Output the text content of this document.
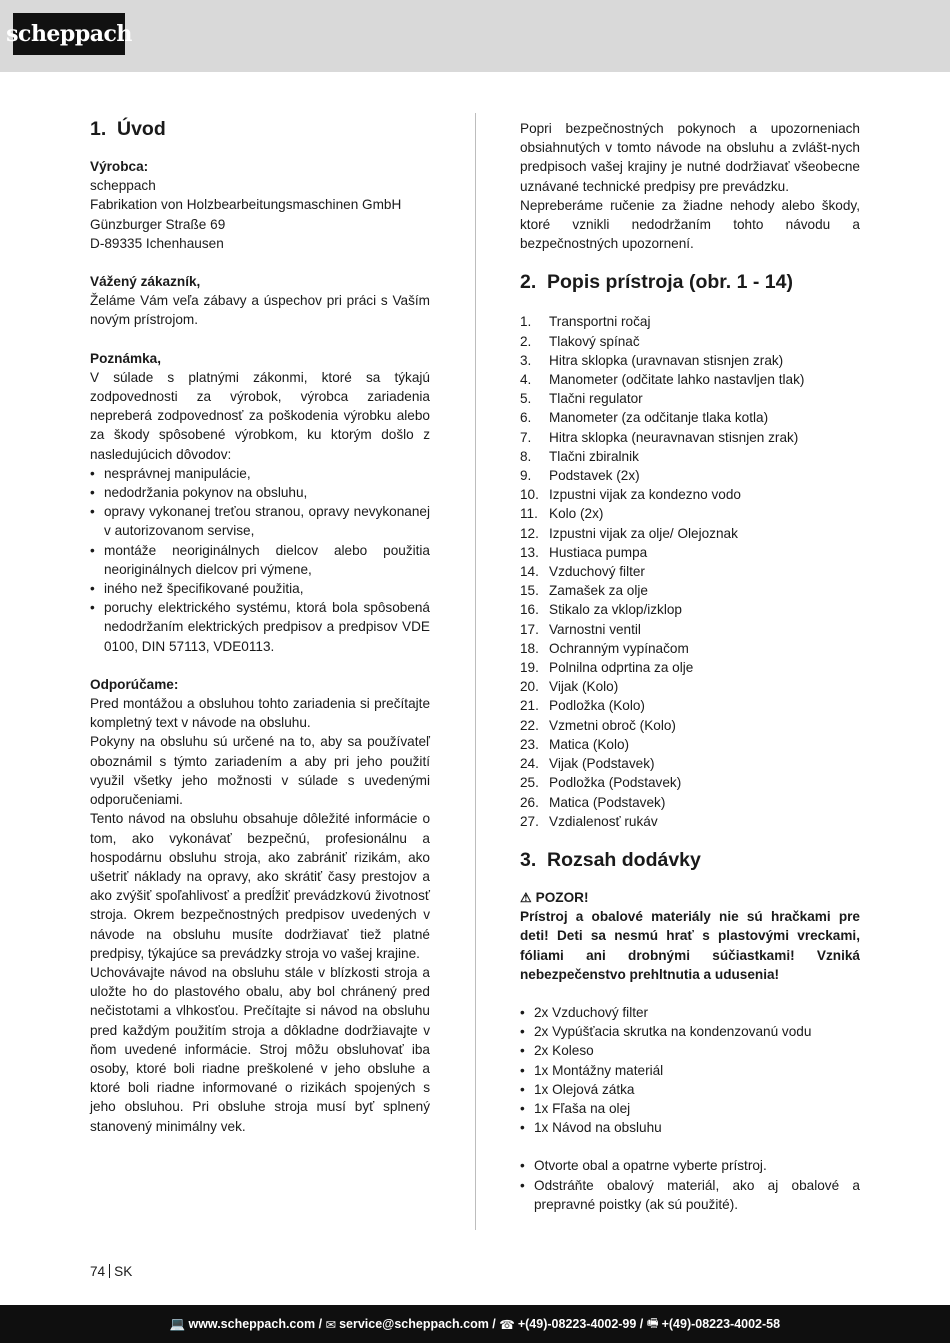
scheppach
1. Úvod

Výrobca:

scheppach

Fabrikation von Holzbearbeitungsmaschinen GmbH

Günzburger Straße 69

D-89335 Ichenhausen

Vážený zákazník,

Želáme Vám veľa zábavy a úspechov pri práci s Vaším novým prístrojom.

Poznámka,

V súlade s platnými zákonmi, ktoré sa týkajú zodpovednosti za výrobok, výrobca zariadenia nepreberá zodpovednosť za poškodenia výrobku alebo za škody spôsobené výrobkom, ku ktorým došlo z nasledujúcich dôvodov:

• nesprávnej manipulácie,
• nedodržania pokynov na obsluhu,
• opravy vykonanej treťou stranou, opravy nevykonanej v autorizovanom servise,
• montáže neoriginálnych dielcov alebo použitia neoriginálnych dielcov pri výmene,
• iného než špecifikované použitia,
• poruchy elektrického systému, ktorá bola spôsobená nedodržaním elektrických predpisov a predpisov VDE 0100, DIN 57113, VDE0113.

Odporúčame:

Pred montážou a obsluhou tohto zariadenia si prečítajte kompletný text v návode na obsluhu.

Pokyny na obsluhu sú určené na to, aby sa používateľ oboznámil s týmto zariadením a aby pri jeho použití využil všetky jeho možnosti v súlade s uvedenými odporučeniami.

Tento návod na obsluhu obsahuje dôležité informácie o tom, ako vykonávať bezpečnú, profesionálnu a hospodárnu obsluhu stroja, ako zabrániť rizikám, ako ušetriť náklady na opravy, ako skrátiť časy prestojov a ako zvýšiť spoľahlivosť a predĺžiť prevádzkovú životnosť stroja. Okrem bezpečnostných predpisov uvedených v návode na obsluhu musíte dodržiavať tiež platné predpisy, týkajúce sa prevádzky stroja vo vašej krajine.

Uchovávajte návod na obsluhu stále v blízkosti stroja a uložte ho do plastového obalu, aby bol chránený pred nečistotami a vlhkosťou. Prečítajte si návod na obsluhu pred každým použitím stroja a dôkladne dodržiavajte v ňom uvedené informácie. Stroj môžu obsluhovať iba osoby, ktoré boli riadne preškolené v jeho obsluhe a ktoré boli riadne informované o rizikách spojených s jeho obsluhou. Pri obsluhe stroja musí byť splnený stanovený minimálny vek.

Popri bezpečnostných pokynoch a upozorneniach obsiahnutých v tomto návode na obsluhu a zvlášt-nych predpisoch vašej krajiny je nutné dodržiavať všeobecne uznávané technické predpisy pre prevádzku.

Nepreberáme ručenie za žiadne nehody alebo škody, ktoré vznikli nedodržaním tohto návodu a bezpečnostných upozornení.

2. Popis prístroja (obr. 1 - 14)
1.	Transportni ročaj
2.	Tlakový spínač
3.	Hitra sklopka (uravnavan stisnjen zrak)
4.	Manometer (odčitate lahko nastavljen tlak)
5.	Tlačni regulator
6.	Manometer (za odčitanje tlaka kotla)
7.	Hitra sklopka (neuravnavan stisnjen zrak)
8.	Tlačni zbiralnik
9.	Podstavek (2x)
10. Izpustni vijak za kondezno vodo
11. Kolo (2x)
12. Izpustni vijak za olje/ Olejoznak
13. Hustiaca pumpa
14. Vzduchový filter
15. Zamašek za olje
16. Stikalo za vklop/izklop
17. Varnostni ventil
18. Ochranným vypínačom
19. Polnilna odprtina za olje
20. Vijak (Kolo)
21. Podložka (Kolo)
22. Vzmetni obroč (Kolo)
23. Matica (Kolo)
24. Vijak (Podstavek)
25. Podložka (Podstavek)
26. Matica (Podstavek)
27. Vzdialenosť rukáv
3. Rozsah dodávky
⚠ POZOR!

Prístroj a obalové materiály nie sú hračkami pre deti! Deti sa nesmú hrať s plastovými vreckami, fóliami ani drobnými súčiastkami! Vzniká nebezpečenstvo prehltnutia a udusenia!

• 2x Vzduchový filter
• 2x Vypúšťacia skrutka na kondenzovanú vodu
• 2x Koleso
• 1x Montážny materiál
• 1x Olejová zátka
• 1x Fľaša na olej
• 1x Návod na obsluhu
• Otvorte obal a opatrne vyberte prístroj.
• Odstráňte obalový materiál, ako aj obalové a prepravné poistky (ak sú použité).
74 SK
💻 www.scheppach.com /
✉ service@scheppach.com /
☎ +(49)-08223-4002-99 /
🖷 +(49)-08223-4002-58
